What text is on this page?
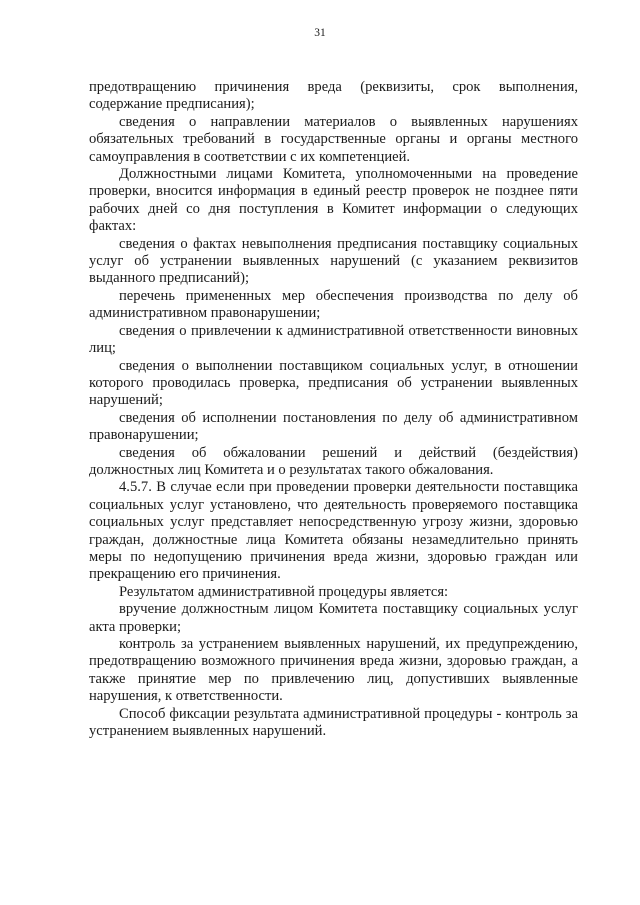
31

предотвращению причинения вреда (реквизиты, срок выполнения, содержание предписания);

сведения о направлении материалов о выявленных нарушениях обязательных требований в государственные органы и органы местного самоуправления в соответствии с их компетенцией.

Должностными лицами Комитета, уполномоченными на проведение проверки, вносится информация в единый реестр проверок не позднее пяти рабочих дней со дня поступления в Комитет информации о следующих фактах:

сведения о фактах невыполнения предписания поставщику социальных услуг об устранении выявленных нарушений (с указанием реквизитов выданного предписаний);

перечень примененных мер обеспечения производства по делу об административном правонарушении;

сведения о привлечении к административной ответственности виновных лиц;

сведения о выполнении поставщиком социальных услуг, в отношении которого проводилась проверка, предписания об устранении выявленных нарушений;

сведения об исполнении постановления по делу об административном правонарушении;

сведения об обжаловании решений и действий (бездействия) должностных лиц Комитета и о результатах такого обжалования.

4.5.7. В случае если при проведении проверки деятельности поставщика социальных услуг установлено, что деятельность проверяемого поставщика социальных услуг представляет непосредственную угрозу жизни, здоровью граждан, должностные лица Комитета обязаны незамедлительно принять меры по недопущению причинения вреда жизни, здоровью граждан или прекращению его причинения.

Результатом административной процедуры является:

вручение должностным лицом Комитета поставщику социальных услуг акта проверки;

контроль за устранением выявленных нарушений, их предупреждению, предотвращению возможного причинения вреда жизни, здоровью граждан, а также принятие мер по привлечению лиц, допустивших выявленные нарушения, к ответственности.

Способ фиксации результата административной процедуры - контроль за устранением выявленных нарушений.
